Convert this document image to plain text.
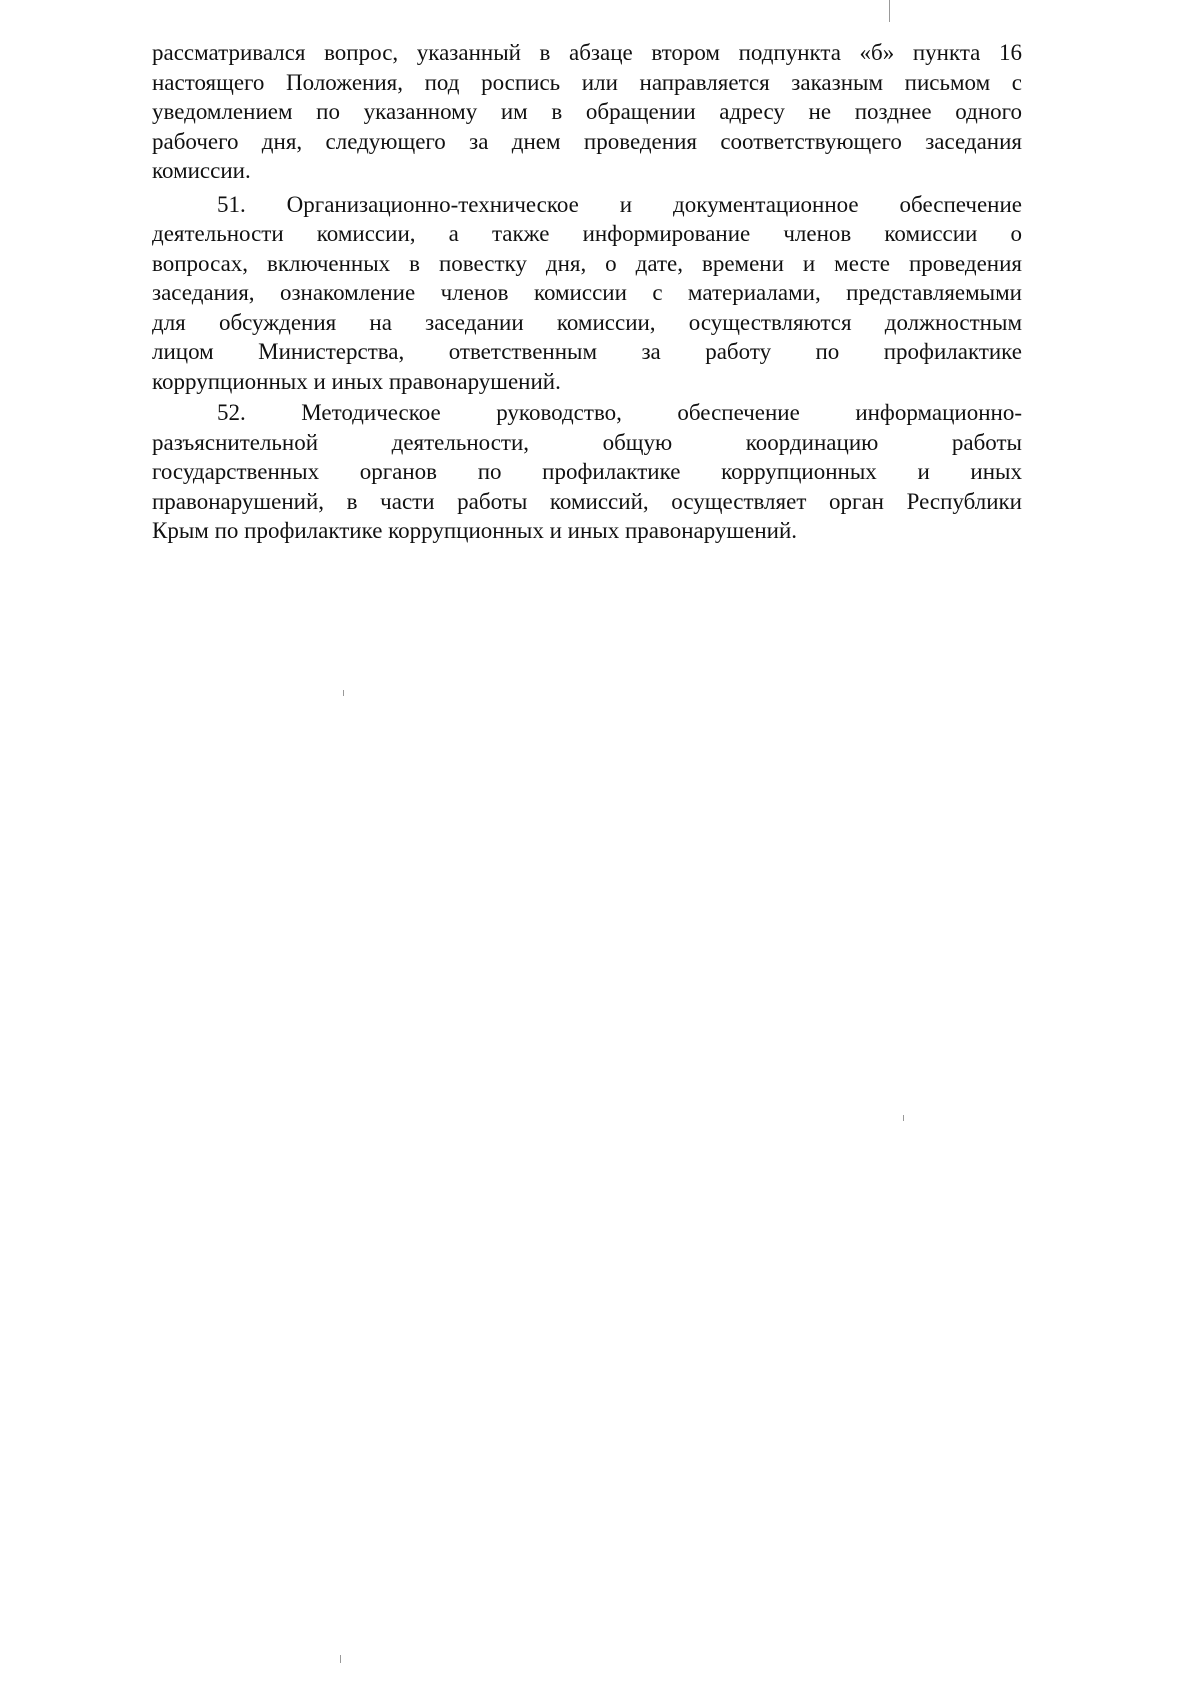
рассматривался вопрос, указанный в абзаце втором подпункта «б» пункта 16
настоящего Положения, под роспись или направляется заказным письмом с
уведомлением по указанному им в обращении адресу не позднее одного
рабочего дня, следующего за днем проведения соответствующего заседания
комиссии.
51. Организационно-техническое и документационное обеспечение
деятельности комиссии, а также информирование членов комиссии о
вопросах, включенных в повестку дня, о дате, времени и месте проведения
заседания, ознакомление членов комиссии с материалами, представляемыми
для обсуждения на заседании комиссии, осуществляются должностным
лицом Министерства, ответственным за работу по профилактике
коррупционных и иных правонарушений.
52. Методическое руководство, обеспечение информационно-
разъяснительной деятельности, общую координацию работы
государственных органов по профилактике коррупционных и иных
правонарушений, в части работы комиссий, осуществляет орган Республики
Крым по профилактике коррупционных и иных правонарушений.
